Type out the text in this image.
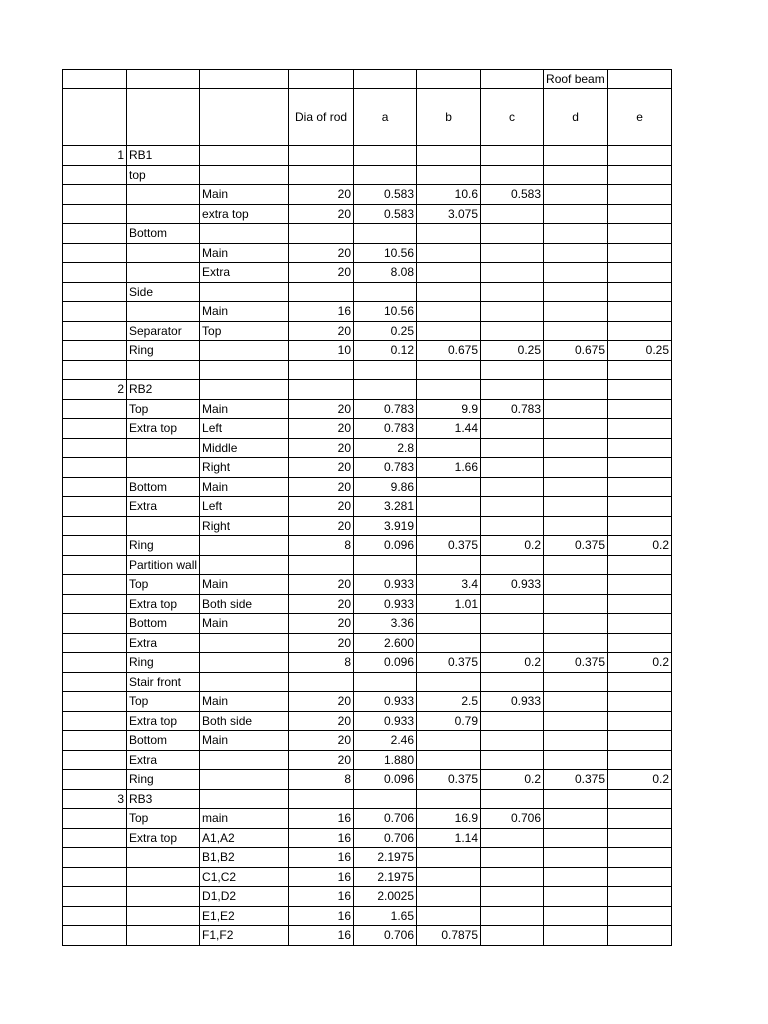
							Roof beam	
			Dia of rod	a	b	c	d	e
1	RB1							
	top							
		Main	20	0.583	10.6	0.583		
		extra top	20	0.583	3.075			
	Bottom							
		Main	20	10.56				
		Extra	20	8.08				
	Side							
		Main	16	10.56				
	Separator	Top	20	0.25				
	Ring		10	0.12	0.675	0.25	0.675	0.25

2	RB2							
	Top	Main	20	0.783	9.9	0.783		
	Extra top	Left	20	0.783	1.44			
		Middle	20	2.8				
		Right	20	0.783	1.66			
	Bottom	Main	20	9.86				
	Extra	Left	20	3.281				
		Right	20	3.919				
	Ring		8	0.096	0.375	0.2	0.375	0.2
	Partition wall							
	Top	Main	20	0.933	3.4	0.933		
	Extra top	Both side	20	0.933	1.01			
	Bottom	Main	20	3.36				
	Extra		20	2.600				
	Ring		8	0.096	0.375	0.2	0.375	0.2
	Stair front							
	Top	Main	20	0.933	2.5	0.933		
	Extra top	Both side	20	0.933	0.79			
	Bottom	Main	20	2.46				
	Extra		20	1.880				
	Ring		8	0.096	0.375	0.2	0.375	0.2
3	RB3							
	Top	main	16	0.706	16.9	0.706		
	Extra top	A1,A2	16	0.706	1.14			
		B1,B2	16	2.1975				
		C1,C2	16	2.1975				
		D1,D2	16	2.0025				
		E1,E2	16	1.65				
		F1,F2	16	0.706	0.7875			
